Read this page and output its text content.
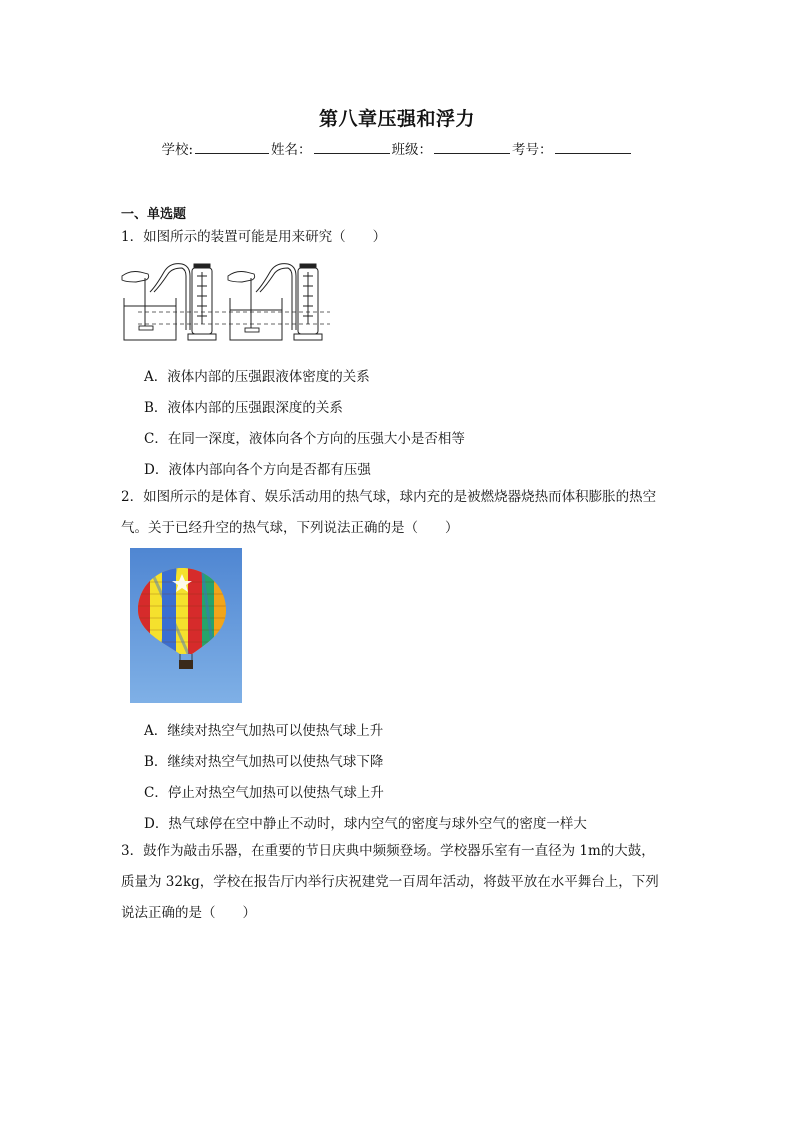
第八章压强和浮力
学校:	姓名：	班级：	考号：
一、单选题
1．如图所示的装置可能是用来研究（　　）
A．液体内部的压强跟液体密度的关系
B．液体内部的压强跟深度的关系
C．在同一深度，液体向各个方向的压强大小是否相等
D．液体内部向各个方向是否都有压强
2．如图所示的是体育、娱乐活动用的热气球，球内充的是被燃烧器烧热而体积膨胀的热空
气。关于已经升空的热气球，下列说法正确的是（　　）
A．继续对热空气加热可以使热气球上升
B．继续对热空气加热可以使热气球下降
C．停止对热空气加热可以使热气球上升
D．热气球停在空中静止不动时，球内空气的密度与球外空气的密度一样大
3．鼓作为敲击乐器，在重要的节日庆典中频频登场。学校器乐室有一直径为 1m的大鼓，
质量为 32kg，学校在报告厅内举行庆祝建党一百周年活动，将鼓平放在水平舞台上，下列
说法正确的是（　　）
